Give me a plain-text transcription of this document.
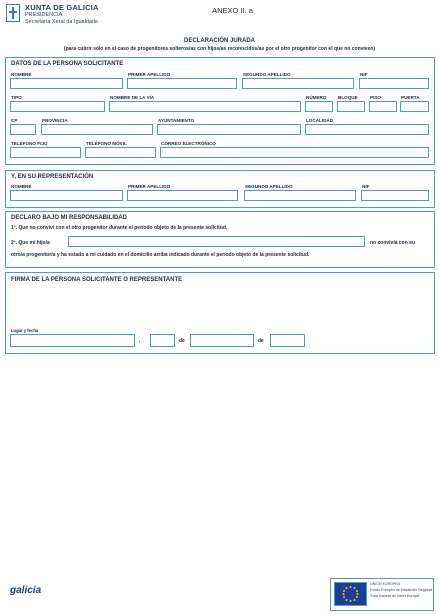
XUNTA DE GALICIA
PRESIDENCIA
Secretaría Xeral da Igualdade
ANEXO II. a
DECLARACIÓN JURADA
(para cubrir sólo en el caso de progenitores solteros/as con hijos/as reconocidos/as por el otro progenitor con el que no conviven)
DATOS DE LA PERSONA SOLICITANTE
NOMBRE	PRIMER APELLIDO	SEGUNDO APELLIDO	NIF
TIPO	NOMBRE DE LA VÍA	NÚMERO	BLOQUE	PISO	PUERTA
CP	PROVINCIA	AYUNTAMIENTO	LOCALIDAD
TELÉFONO FIJO	TELÉFONO MÓVIL	CORREO ELECTRÓNICO
Y, EN SU REPRESENTACIÓN
NOMBRE	PRIMER APELLIDO	SEGUNDO APELLIDO	NIF
DECLARO BAJO MI RESPONSABILIDAD
1º. Que no conviví con el otro progenitor durante el período objeto de la presente solicitud.
2º. Que mi hijo/a	no convivía con su
otro/a progenitor/a y ha estado a mi cuidado en el domicilio arriba indicado durante el período objeto de la presente solicitud.
FIRMA DE LA PERSONA SOLICITANTE O REPRESENTANTE
Lugar y fecha
,	de	de
galicia
UNIÓN EUROPEA
Fondo Europeo de Desarrollo Regional
"Una manera de hacer Europa"
